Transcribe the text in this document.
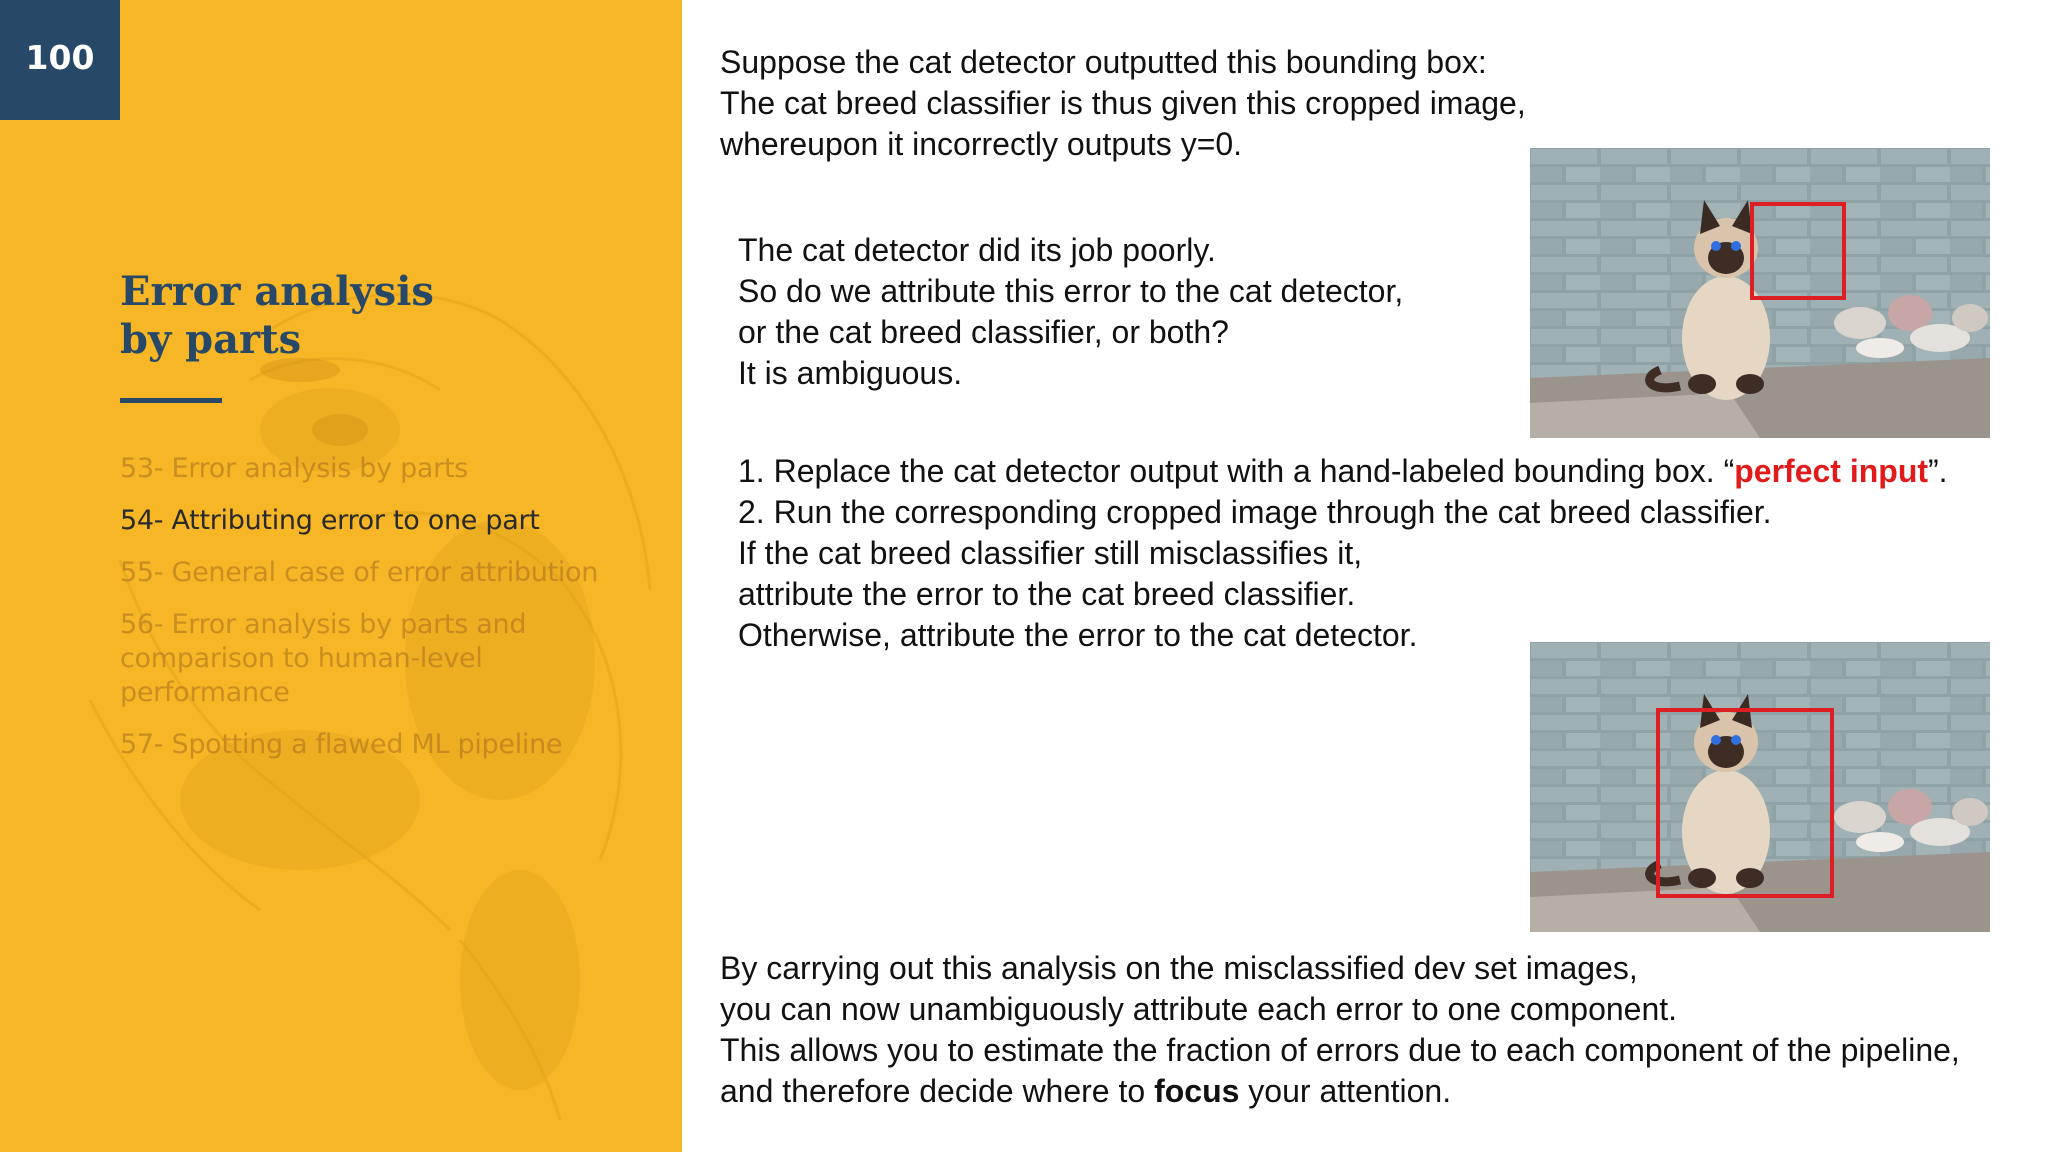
100
Error analysis
by parts
53- Error analysis by parts
54- Attributing error to one part
55- General case of error attribution
56- Error analysis by parts and comparison to human-level performance
57- Spotting a flawed ML pipeline

Suppose the cat detector outputted this bounding box:
The cat breed classifier is thus given this cropped image,
whereupon it incorrectly outputs y=0.

The cat detector did its job poorly.
So do we attribute this error to the cat detector,
or the cat breed classifier, or both?
It is ambiguous.

1. Replace the cat detector output with a hand-labeled bounding box. “perfect input”.
2. Run the corresponding cropped image through the cat breed classifier.
If the cat breed classifier still misclassifies it,
attribute the error to the cat breed classifier.
Otherwise, attribute the error to the cat detector.

By carrying out this analysis on the misclassified dev set images,
you can now unambiguously attribute each error to one component.
This allows you to estimate the fraction of errors due to each component of the pipeline,
and therefore decide where to focus your attention.
